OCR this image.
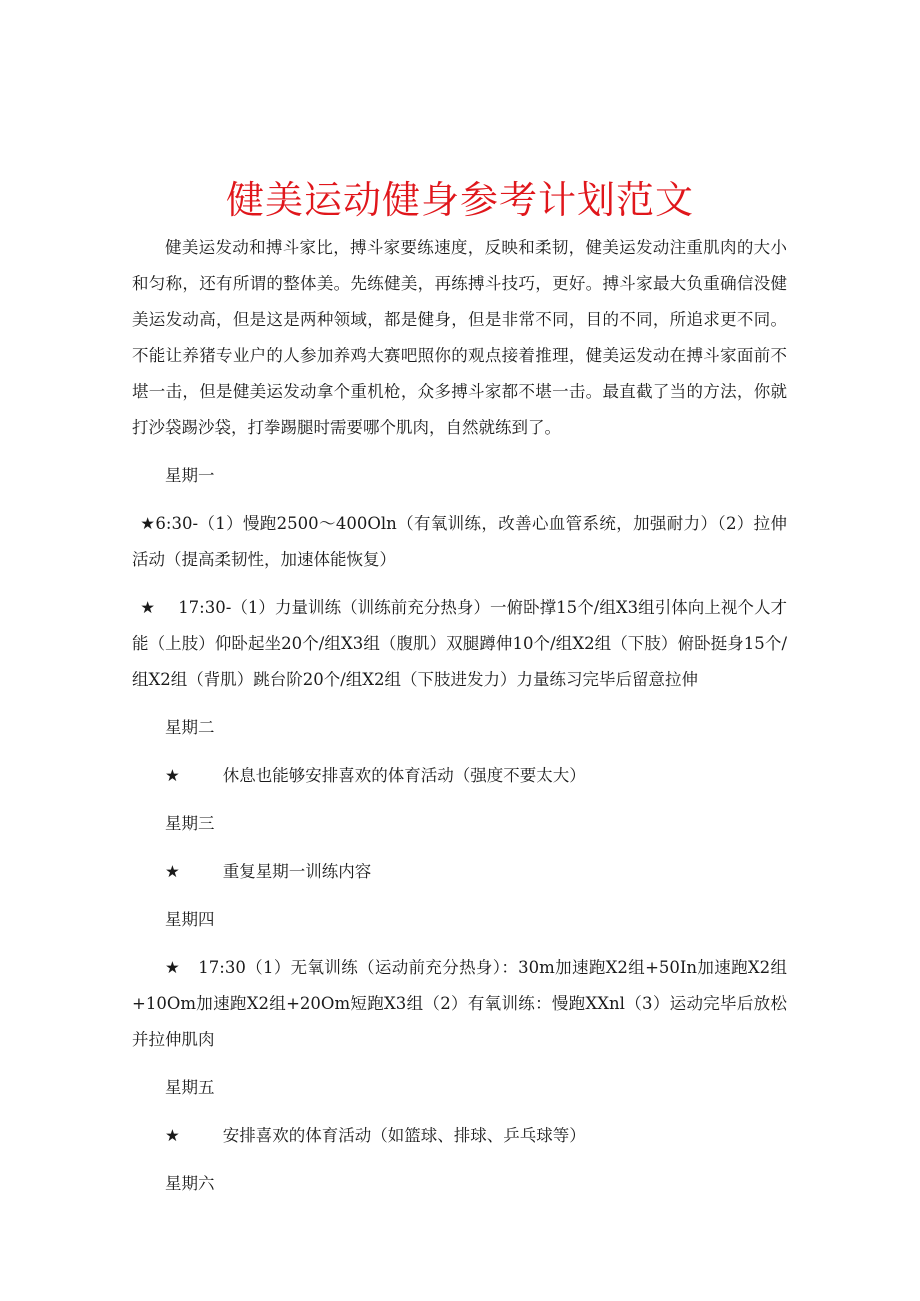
健美运动健身参考计划范文

健美运发动和搏斗家比，搏斗家要练速度，反映和柔韧，健美运发动注重肌肉的大小和匀称，还有所谓的整体美。先练健美，再练搏斗技巧，更好。搏斗家最大负重确信没健美运发动高，但是这是两种领域，都是健身，但是非常不同，目的不同，所追求更不同。不能让养猪专业户的人参加养鸡大赛吧照你的观点接着推理，健美运发动在搏斗家面前不堪一击，但是健美运发动拿个重机枪，众多搏斗家都不堪一击。最直截了当的方法，你就打沙袋踢沙袋，打拳踢腿时需要哪个肌肉，自然就练到了。

星期一

★6:30-（1）慢跑2500～400Oln（有氧训练，改善心血管系统，加强耐力）（2）拉伸活动（提高柔韧性，加速体能恢复）

★ 17:30-（1）力量训练（训练前充分热身）一俯卧撑15个/组X3组引体向上视个人才能（上肢）仰卧起坐20个/组X3组（腹肌）双腿蹲伸10个/组X2组（下肢）俯卧挺身15个/组X2组（背肌）跳台阶20个/组X2组（下肢进发力）力量练习完毕后留意拉伸

星期二

★	休息也能够安排喜欢的体育活动（强度不要太大）

星期三

★	重复星期一训练内容

星期四

★ 17:30（1）无氧训练（运动前充分热身）：30m加速跑X2组+50In加速跑X2组+10Om加速跑X2组+20Om短跑X3组（2）有氧训练：慢跑XXnl（3）运动完毕后放松并拉伸肌肉

星期五

★	安排喜欢的体育活动（如篮球、排球、乒乓球等）

星期六
